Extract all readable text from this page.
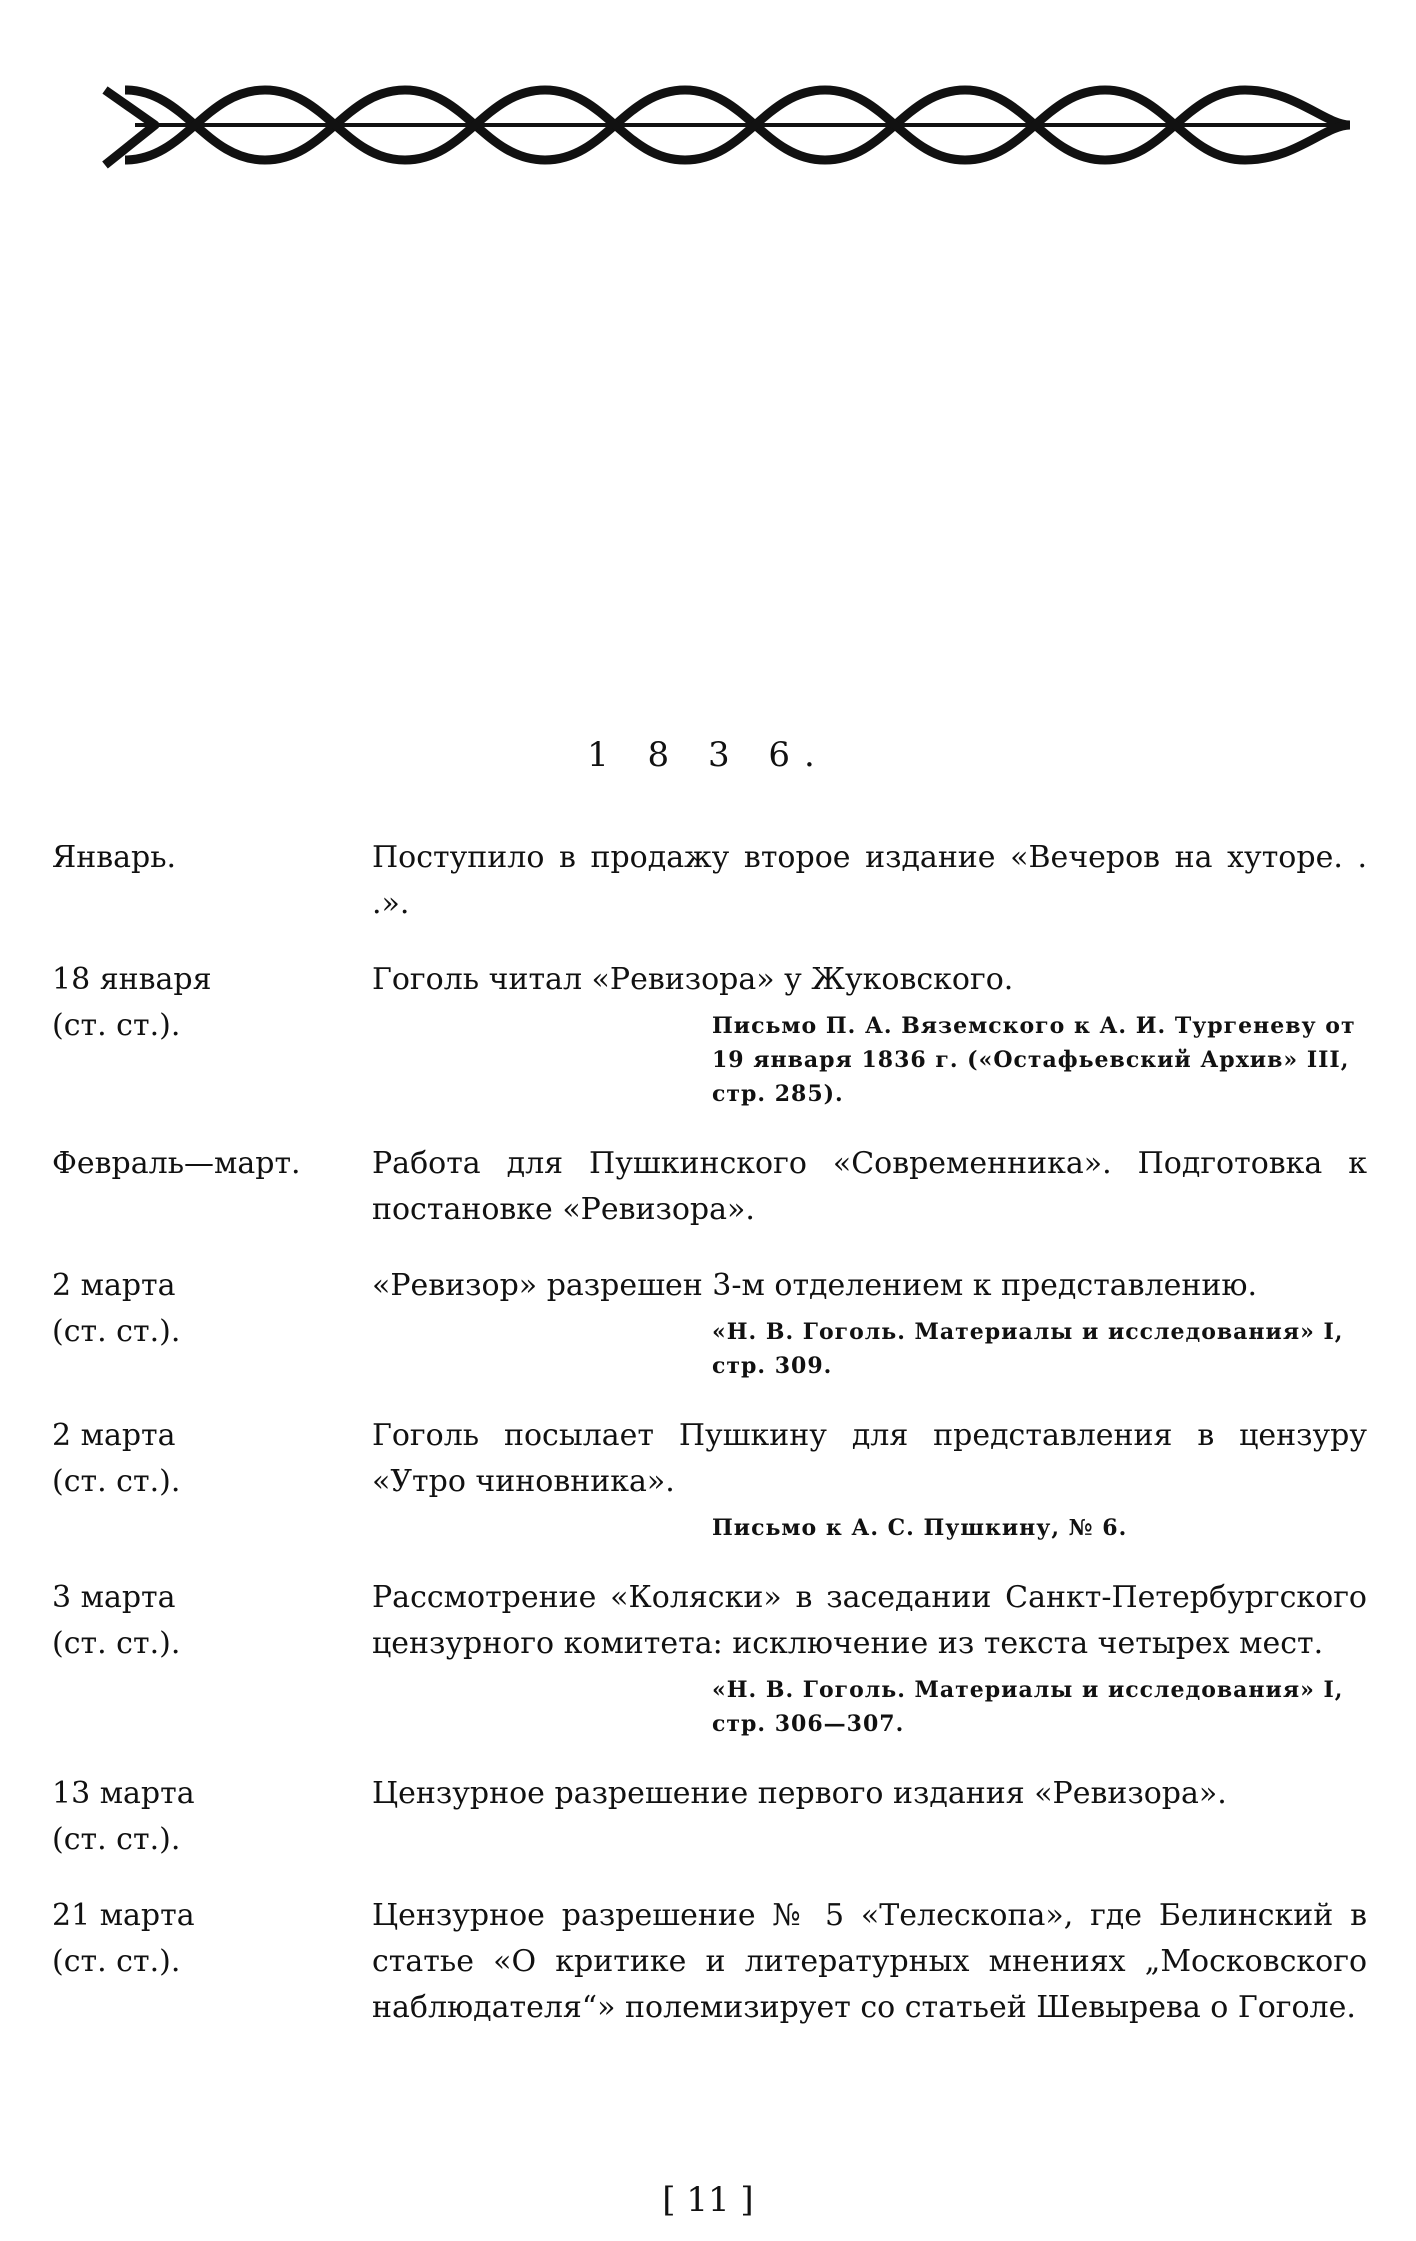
1 8 3 6.
Январь.	Поступило в продажу второе издание «Вечеров на хуторе. . .».
18 января
(ст. ст.).
Гоголь читал «Ревизора» у Жуковского.
Письмо П. А. Вяземского к А. И. Тургеневу от 19 января 1836 г. («Остафьевский Архив» III, стр. 285).
Февраль—март.	Работа для Пушкинского «Современника». Подготовка к постановке «Ревизора».
2 марта
(ст. ст.).
«Ревизор» разрешен 3-м отделением к представлению.
«Н. В. Гоголь. Материалы и исследования» I, стр. 309.
2 марта
(ст. ст.).
Гоголь посылает Пушкину для представления в цензуру «Утро чиновника».
Письмо к А. С. Пушкину, № 6.
3 марта
(ст. ст.).
Рассмотрение «Коляски» в заседании Санкт-Петербургского цензурного комитета: исключение из текста четырех мест.
«Н. В. Гоголь. Материалы и исследования» I, стр. 306—307.
13 марта
(ст. ст.).
Цензурное разрешение первого издания «Ревизора».
21 марта
(ст. ст.).
Цензурное разрешение № 5 «Телескопа», где Белинский в статье «О критике и литературных мнениях „Московского наблюдателя“» полемизирует со статьей Шевырева о Гоголе.
[ 11 ]
